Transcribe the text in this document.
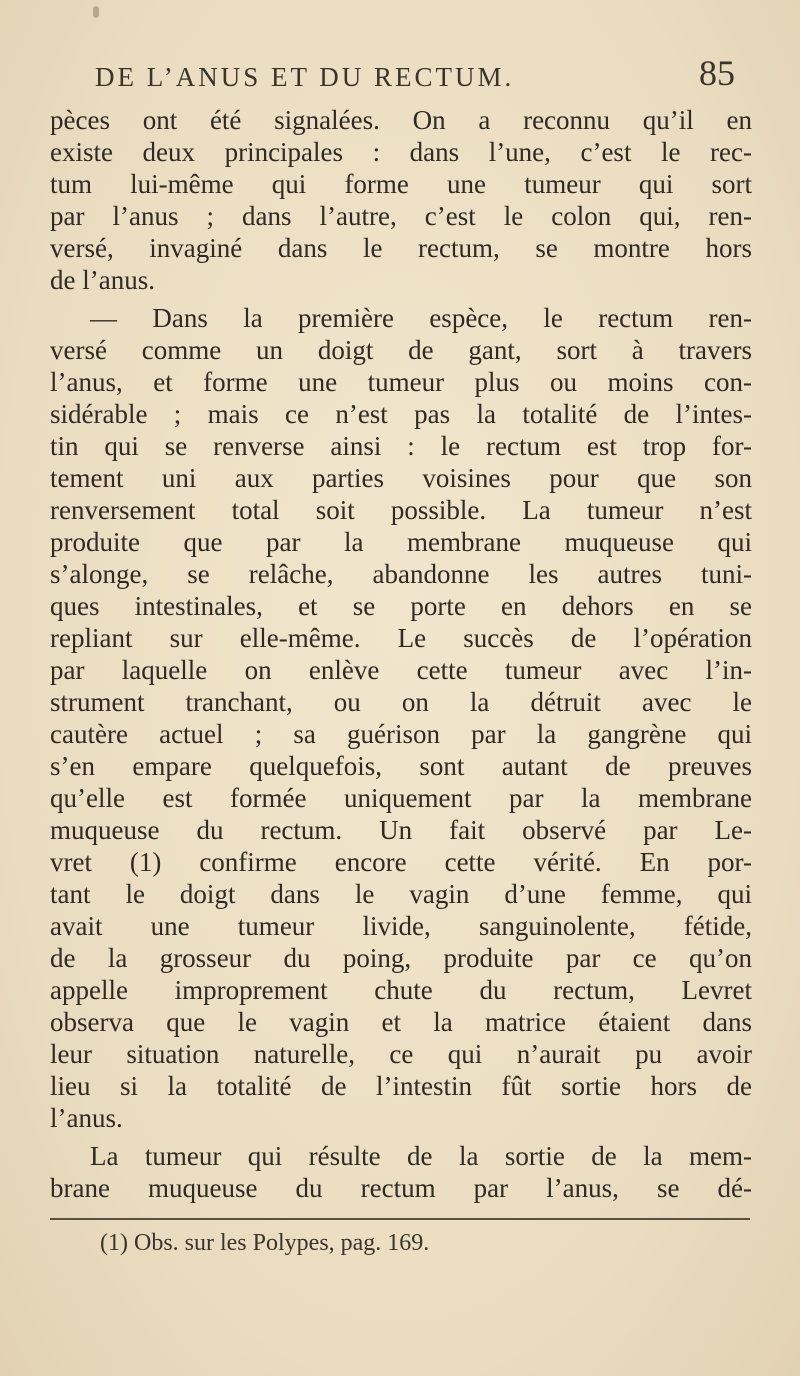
DE L’ANUS ET DU RECTUM.	85
pèces ont été signalées. On a reconnu qu’il en
existe deux principales : dans l’une, c’est le rec-
tum lui-même qui forme une tumeur qui sort
par l’anus ; dans l’autre, c’est le colon qui, ren-
versé, invaginé dans le rectum, se montre hors
de l’anus.
— Dans la première espèce, le rectum ren-
versé comme un doigt de gant, sort à travers
l’anus, et forme une tumeur plus ou moins con-
sidérable ; mais ce n’est pas la totalité de l’intes-
tin qui se renverse ainsi : le rectum est trop for-
tement uni aux parties voisines pour que son
renversement total soit possible. La tumeur n’est
produite que par la membrane muqueuse qui
s’alonge, se relâche, abandonne les autres tuni-
ques intestinales, et se porte en dehors en se
repliant sur elle-même. Le succès de l’opération
par laquelle on enlève cette tumeur avec l’in-
strument tranchant, ou on la détruit avec le
cautère actuel ; sa guérison par la gangrène qui
s’en empare quelquefois, sont autant de preuves
qu’elle est formée uniquement par la membrane
muqueuse du rectum. Un fait observé par Le-
vret (1) confirme encore cette vérité. En por-
tant le doigt dans le vagin d’une femme, qui
avait une tumeur livide, sanguinolente, fétide,
de la grosseur du poing, produite par ce qu’on
appelle improprement chute du rectum, Levret
observa que le vagin et la matrice étaient dans
leur situation naturelle, ce qui n’aurait pu avoir
lieu si la totalité de l’intestin fût sortie hors de
l’anus.
La tumeur qui résulte de la sortie de la mem-
brane muqueuse du rectum par l’anus, se dé-
(1) Obs. sur les Polypes, pag. 169.
